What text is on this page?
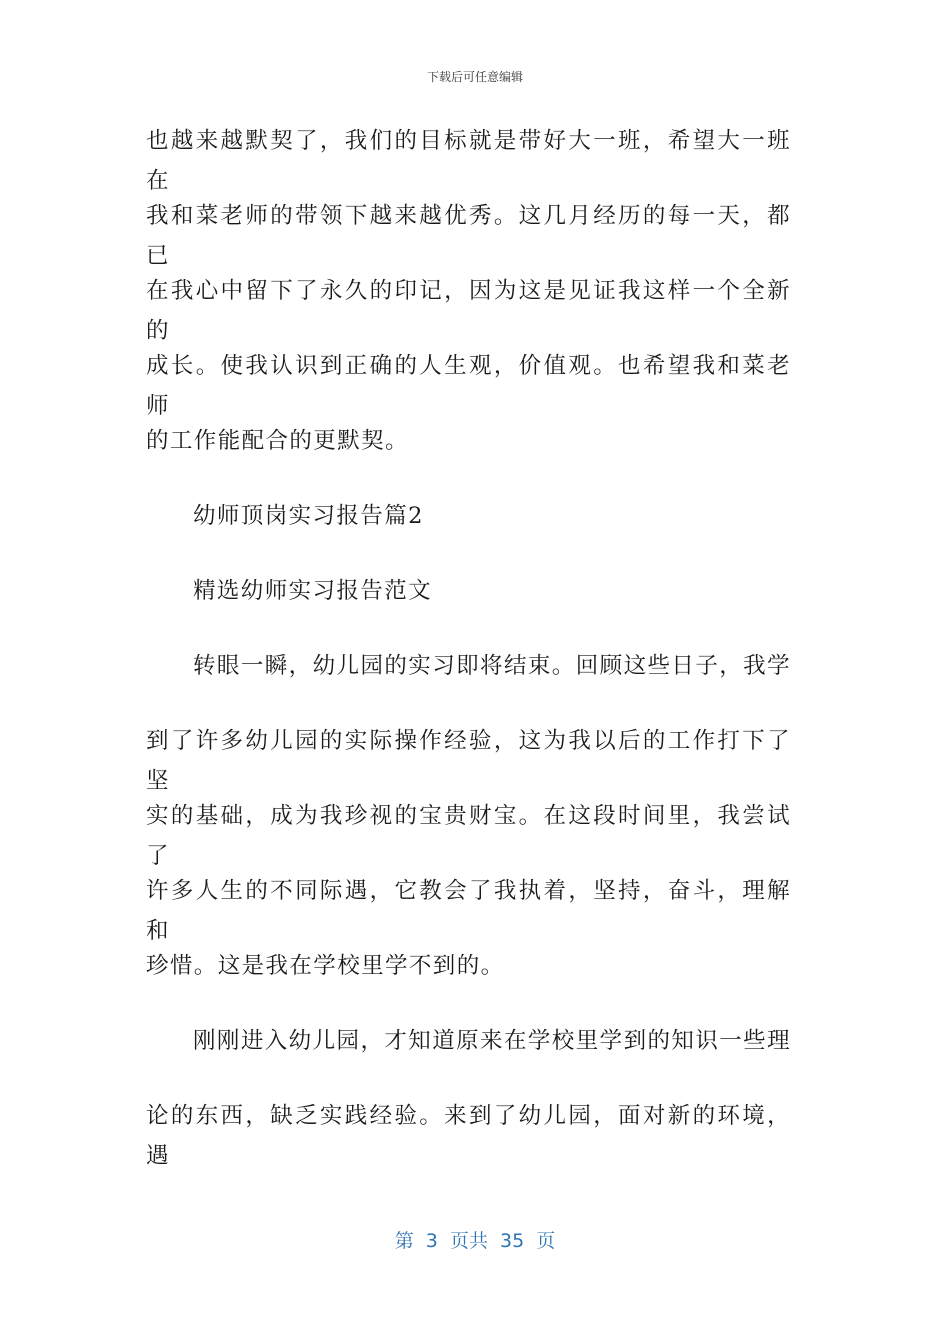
下载后可任意编辑
也越来越默契了，我们的目标就是带好大一班，希望大一班在
我和菜老师的带领下越来越优秀。这几月经历的每一天，都已
在我心中留下了永久的印记，因为这是见证我这样一个全新的
成长。使我认识到正确的人生观，价值观。也希望我和菜老师
的工作能配合的更默契。
幼师顶岗实习报告篇2
精选幼师实习报告范文
转眼一瞬，幼儿园的实习即将结束。回顾这些日子，我学
到了许多幼儿园的实际操作经验，这为我以后的工作打下了坚
实的基础，成为我珍视的宝贵财宝。在这段时间里，我尝试了
许多人生的不同际遇，它教会了我执着，坚持，奋斗，理解和
珍惜。这是我在学校里学不到的。
刚刚进入幼儿园，才知道原来在学校里学到的知识一些理
论的东西，缺乏实践经验。来到了幼儿园，面对新的环境，遇
第  3  页共  35  页
